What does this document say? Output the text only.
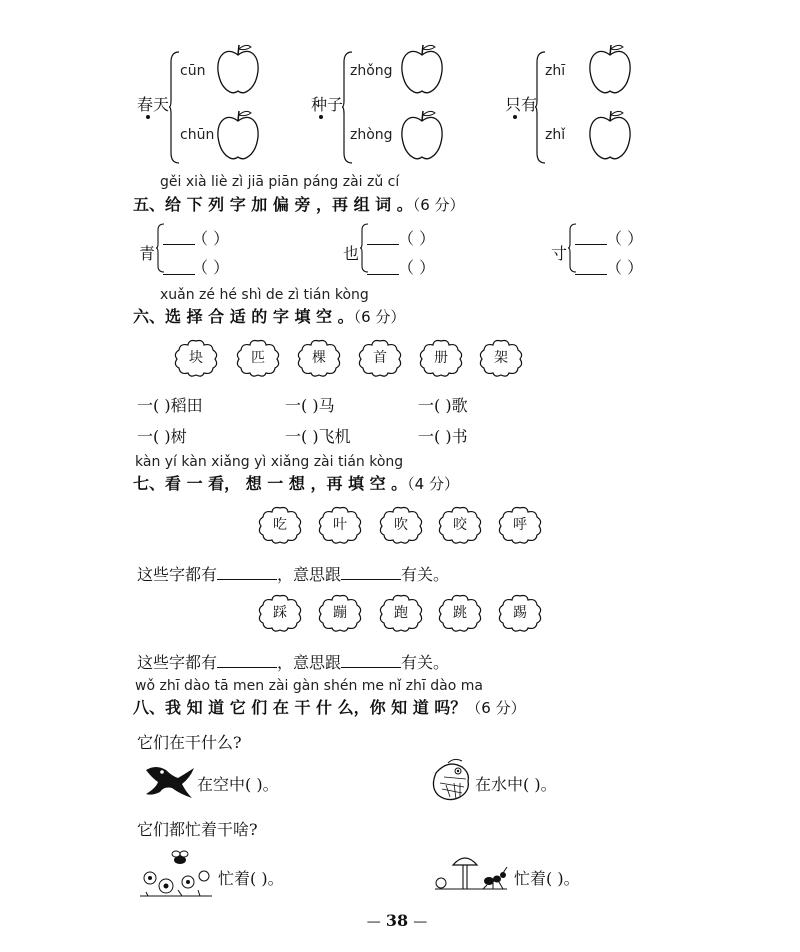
春天
cūn
chūn
种子
zhǒng
zhòng
只有
zhī
zhǐ
gěi xià liè zì jiā piān páng zài zǔ cí
五、给 下 列 字 加 偏 旁 ，再 组 词 。（6 分）
青
（ ）
（ ）
也
（ ）
（ ）
寸
（ ）
（ ）
xuǎn zé hé shì de zì tián kòng
六、选 择 合 适 的 字 填 空 。（6 分）
块	匹	棵	首	册	架
一( )稻田	一( )马	一( )歌
一( )树	一( )飞机	一( )书
kàn yí kàn xiǎng yì xiǎng zài tián kòng
七、看 一 看， 想 一 想 ，再 填 空 。（4 分）
吃	叶	吹	咬	呼
这些字都有	，意思跟	有关。
踩	蹦	跑	跳	踢
这些字都有	，意思跟	有关。
wǒ zhī dào tā men zài gàn shén me nǐ zhī dào ma
八、我 知 道 它 们 在 干 什 么，你 知 道 吗？（6 分）
它们在干什么?
在空中( )。	在水中( )。
它们都忙着干啥?
忙着( )。	忙着( )。
— 38 —
